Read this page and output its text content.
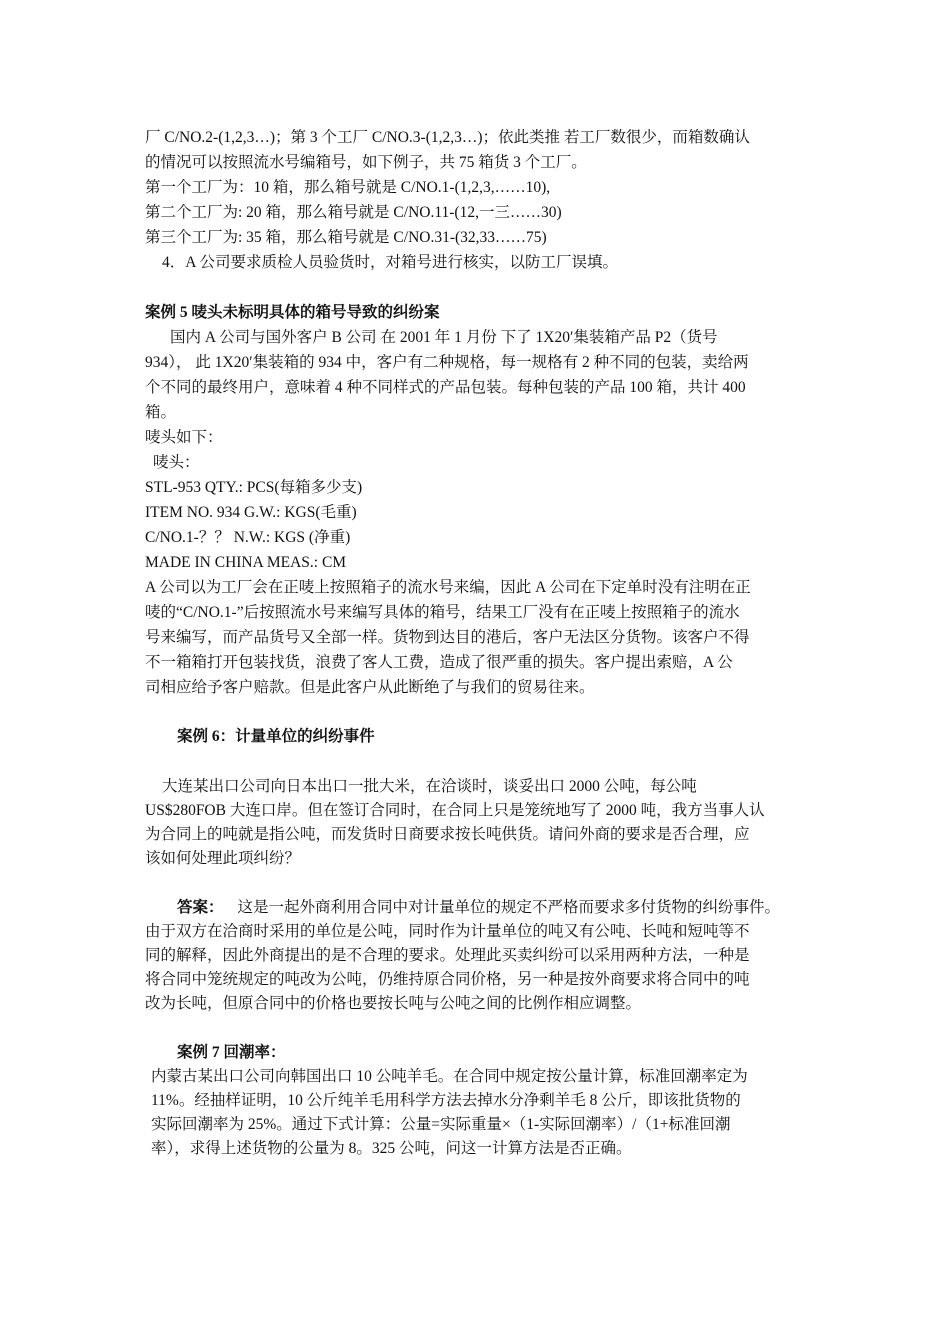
厂 C/NO.2-(1,2,3…)；第 3 个工厂 C/NO.3-(1,2,3…)；依此类推 若工厂数很少，而箱数确认
的情况可以按照流水号编箱号，如下例子，共 75 箱货 3 个工厂。
第一个工厂为：10 箱，那么箱号就是 C/NO.1-(1,2,3,……10),
第二个工厂为: 20 箱，那么箱号就是 C/NO.11-(12,一三……30)
第三个工厂为: 35 箱，那么箱号就是 C/NO.31-(32,33……75)
4．A 公司要求质检人员验货时，对箱号进行核实，以防工厂误填。
案例 5 唛头未标明具体的箱号导致的纠纷案
国内 A 公司与国外客户 B 公司 在 2001 年 1 月份 下了 1X20′集装箱产品 P2（货号
934）， 此 1X20′集装箱的 934 中，客户有二种规格，每一规格有 2 种不同的包装，卖给两
个不同的最终用户，意味着 4 种不同样式的产品包装。每种包装的产品 100 箱，共计 400
箱。
唛头如下：
唛头：
STL-953 QTY.: PCS(每箱多少支)
ITEM NO. 934 G.W.: KGS(毛重)
C/NO.1-？？ N.W.: KGS (净重)
MADE IN CHINA MEAS.: CM
A 公司以为工厂会在正唛上按照箱子的流水号来编，因此 A 公司在下定单时没有注明在正
唛的“C/NO.1-”后按照流水号来编写具体的箱号，结果工厂没有在正唛上按照箱子的流水
号来编写，而产品货号又全部一样。货物到达目的港后，客户无法区分货物。该客户不得
不一箱箱打开包装找货，浪费了客人工费，造成了很严重的损失。客户提出索赔，A 公
司相应给予客户赔款。但是此客户从此断绝了与我们的贸易往来。
案例 6：计量单位的纠纷事件
大连某出口公司向日本出口一批大米，在洽谈时，谈妥出口 2000 公吨，每公吨
US$280FOB 大连口岸。但在签订合同时，在合同上只是笼统地写了 2000 吨，我方当事人认
为合同上的吨就是指公吨，而发货时日商要求按长吨供货。请问外商的要求是否合理，应
该如何处理此项纠纷？
答案： 这是一起外商利用合同中对计量单位的规定不严格而要求多付货物的纠纷事件。
由于双方在洽商时采用的单位是公吨，同时作为计量单位的吨又有公吨、长吨和短吨等不
同的解释，因此外商提出的是不合理的要求。处理此买卖纠纷可以采用两种方法，一种是
将合同中笼统规定的吨改为公吨，仍维持原合同价格，另一种是按外商要求将合同中的吨
改为长吨，但原合同中的价格也要按长吨与公吨之间的比例作相应调整。
案例 7 回潮率：
内蒙古某出口公司向韩国出口 10 公吨羊毛。在合同中规定按公量计算，标准回潮率定为
11%。经抽样证明，10 公斤纯羊毛用科学方法去掉水分净剩羊毛 8 公斤，即该批货物的
实际回潮率为 25%。通过下式计算：公量=实际重量×（1-实际回潮率）/（1+标准回潮
率），求得上述货物的公量为 8。325 公吨，问这一计算方法是否正确。
